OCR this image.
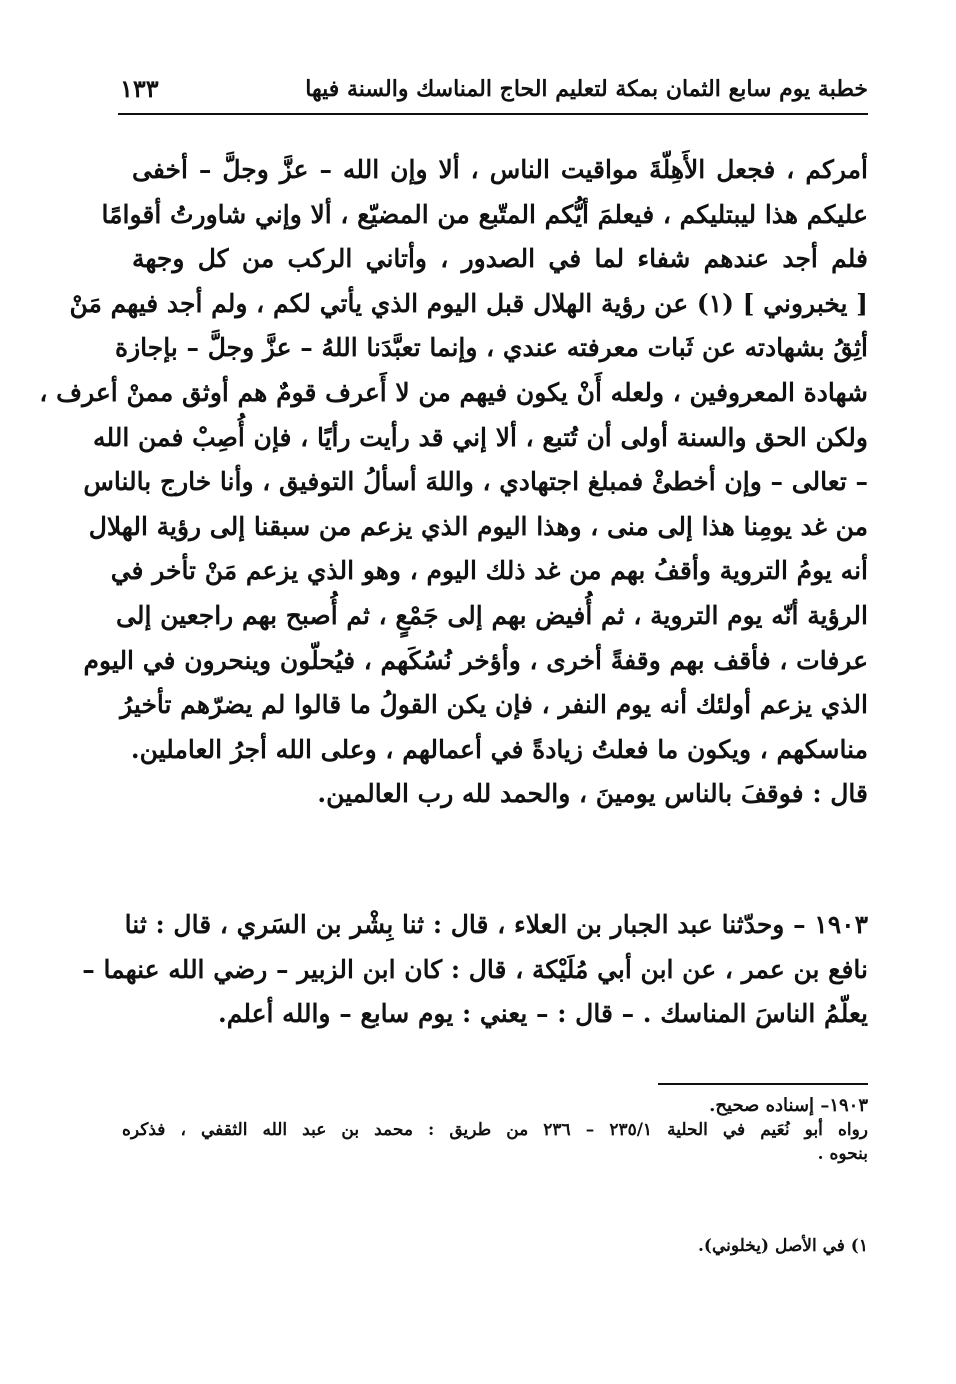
خطبة يوم سابع الثمان بمكة لتعليم الحاج المناسك والسنة فيها
١٣٣
أمركم ، فجعل الأَهِلّةَ مواقيت الناس ، ألا وإن الله – عزَّ وجلَّ – أخفى
عليكم هذا ليبتليكم ، فيعلمَ أيُّكم المتّبع من المضيّع ، ألا وإني شاورتُ أقوامًا
فلم أجد عندهم شفاء لما في الصدور ، وأتاني الركب من كل وجهة
[ يخبروني ] (١) عن رؤية الهلال قبل اليوم الذي يأتي لكم ، ولم أجد فيهم مَنْ
أثِقُ بشهادته عن ثَبات معرفته عندي ، وإنما تعبَّدَنا اللهُ – عزَّ وجلَّ – بإجازة
شهادة المعروفين ، ولعله أَنْ يكون فيهم من لا أَعرف قومٌ هم أوثق ممنْ أعرف ،
ولكن الحق والسنة أولى أن تُتبع ، ألا إني قد رأيت رأيًا ، فإن أُصِبْ فمن الله
– تعالى – وإن أخطئْ فمبلغ اجتهادي ، واللهَ أسألُ التوفيق ، وأنا خارج بالناس
من غد يومِنا هذا إلى منى ، وهذا اليوم الذي يزعم من سبقنا إلى رؤية الهلال
أنه يومُ التروية وأقفُ بهم من غد ذلك اليوم ، وهو الذي يزعم مَنْ تأخر في
الرؤية أنّه يوم التروية ، ثم أُفيض بهم إلى جَمْعٍ ، ثم أُصبح بهم راجعين إلى
عرفات ، فأقف بهم وقفةً أخرى ، وأؤخر نُسُكَهم ، فيُحلّون وينحرون في اليوم
الذي يزعم أولئك أنه يوم النفر ، فإن يكن القولُ ما قالوا لم يضرّهم تأخيرُ
مناسكهم ، ويكون ما فعلتُ زيادةً في أعمالهم ، وعلى الله أجرُ العاملين.
قال : فوقفَ بالناس يومينَ ، والحمد لله رب العالمين.
١٩٠٣ – وحدّثنا عبد الجبار بن العلاء ، قال : ثنا بِشْر بن السَري ، قال : ثنا
نافع بن عمر ، عن ابن أبي مُلَيْكة ، قال : كان ابن الزبير – رضي الله عنهما –
يعلّمُ الناسَ المناسك . – قال : – يعني : يوم سابع – والله أعلم.
١٩٠٣– إسناده صحيح.
رواه أبو نُعَيم في الحلية ٢٣٥/١ – ٢٣٦ من طريق : محمد بن عبد الله الثقفي ، فذكره
بنحوه .
١) في الأصل (يخلوني).
